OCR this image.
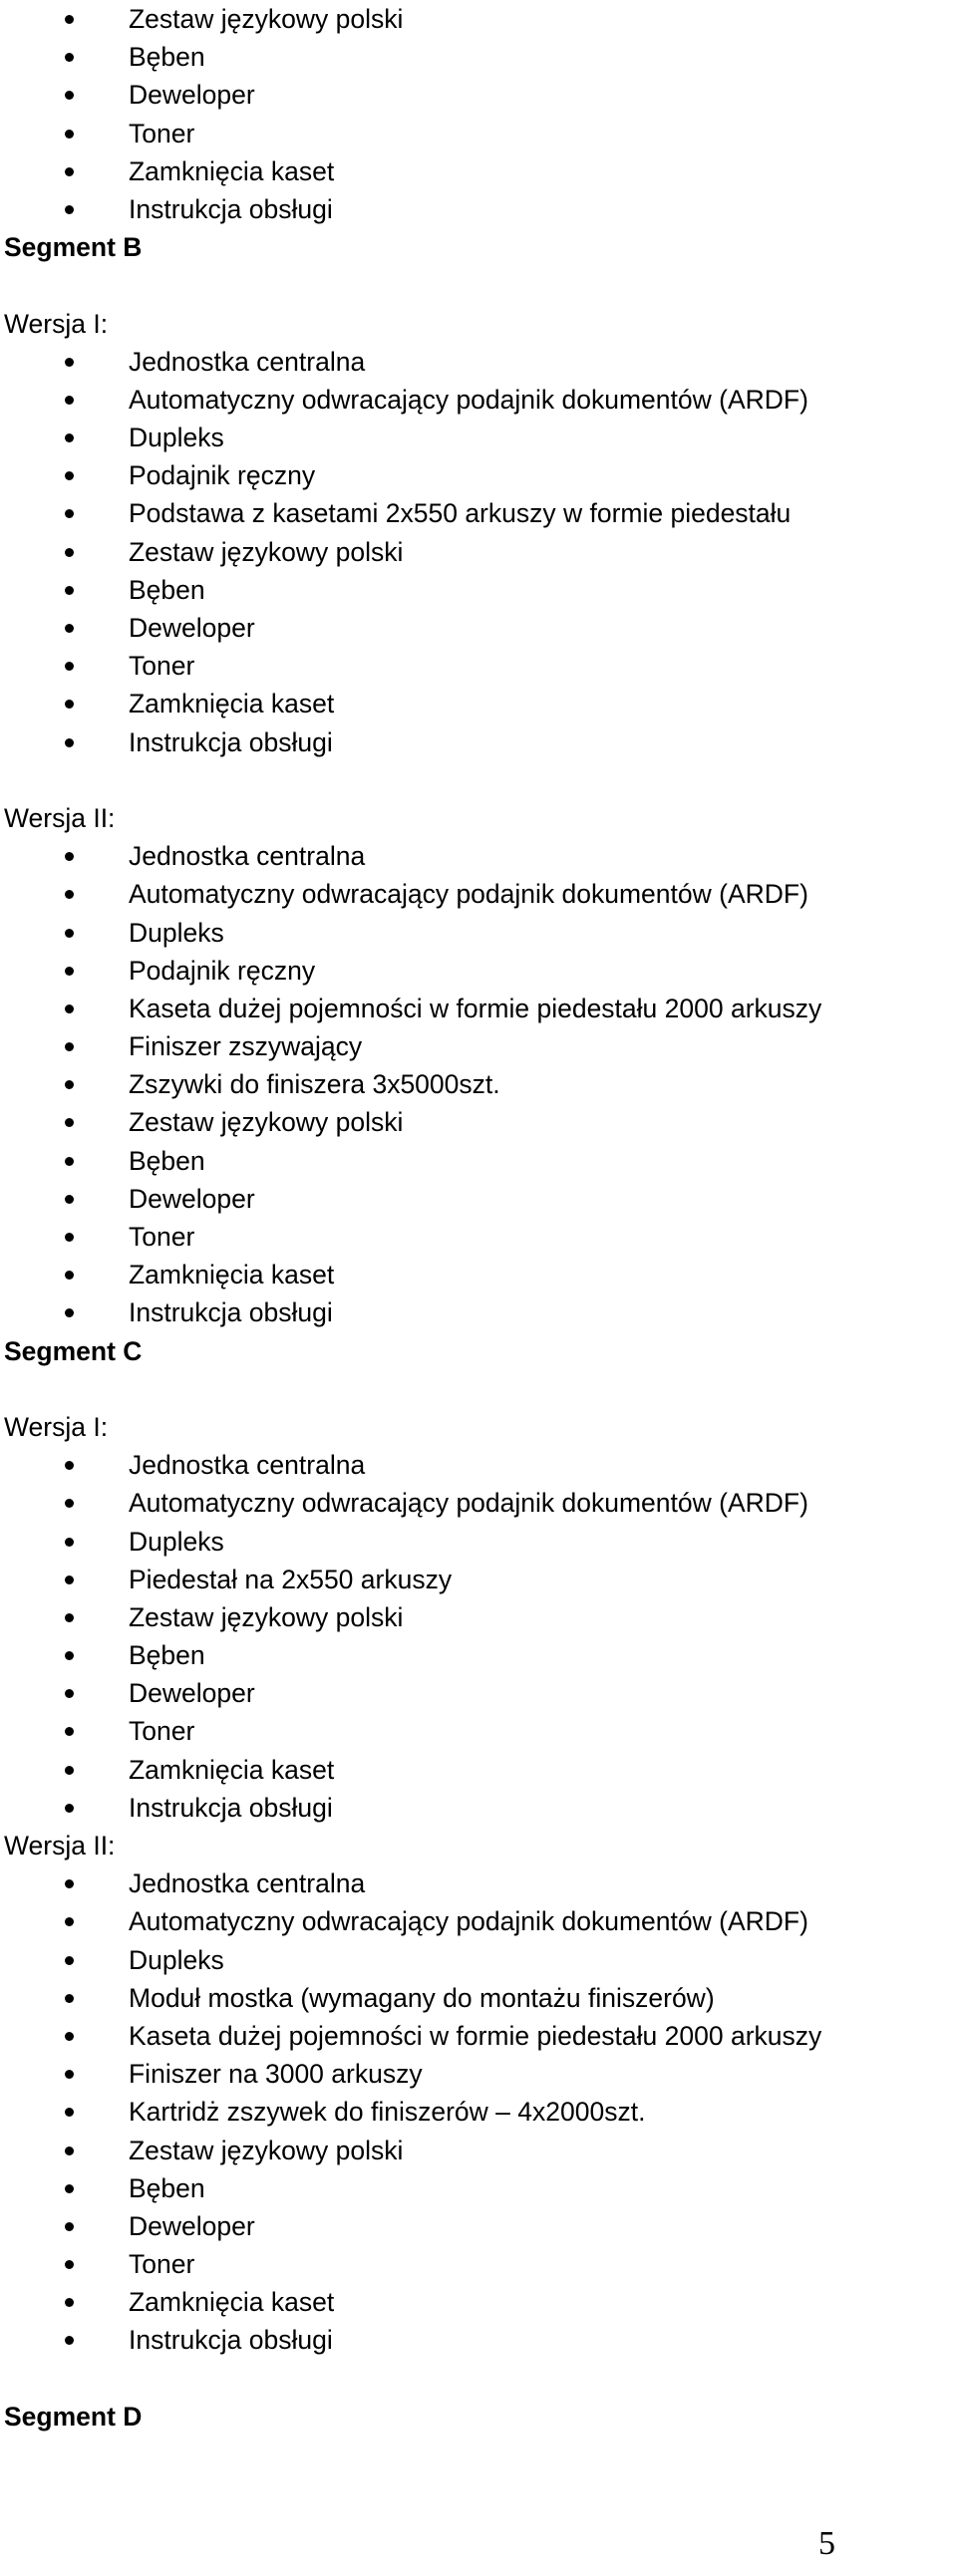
Zestaw językowy polski
Bęben
Deweloper
Toner
Zamknięcia kaset
Instrukcja obsługi
Segment B
Wersja I:
Jednostka centralna
Automatyczny odwracający podajnik dokumentów (ARDF)
Dupleks
Podajnik ręczny
Podstawa z kasetami 2x550 arkuszy w formie piedestału
Zestaw językowy polski
Bęben
Deweloper
Toner
Zamknięcia kaset
Instrukcja obsługi
Wersja II:
Jednostka centralna
Automatyczny odwracający podajnik dokumentów (ARDF)
Dupleks
Podajnik ręczny
Kaseta dużej pojemności w formie piedestału 2000 arkuszy
Finiszer zszywający
Zszywki do finiszera 3x5000szt.
Zestaw językowy polski
Bęben
Deweloper
Toner
Zamknięcia kaset
Instrukcja obsługi
Segment C
Wersja I:
Jednostka centralna
Automatyczny odwracający podajnik dokumentów (ARDF)
Dupleks
Piedestał na 2x550 arkuszy
Zestaw językowy polski
Bęben
Deweloper
Toner
Zamknięcia kaset
Instrukcja obsługi
Wersja II:
Jednostka centralna
Automatyczny odwracający podajnik dokumentów (ARDF)
Dupleks
Moduł mostka (wymagany do montażu finiszerów)
Kaseta dużej pojemności w formie piedestału 2000 arkuszy
Finiszer na 3000 arkuszy
Kartridż zszywek do finiszerów – 4x2000szt.
Zestaw językowy polski
Bęben
Deweloper
Toner
Zamknięcia kaset
Instrukcja obsługi
Segment D
5
